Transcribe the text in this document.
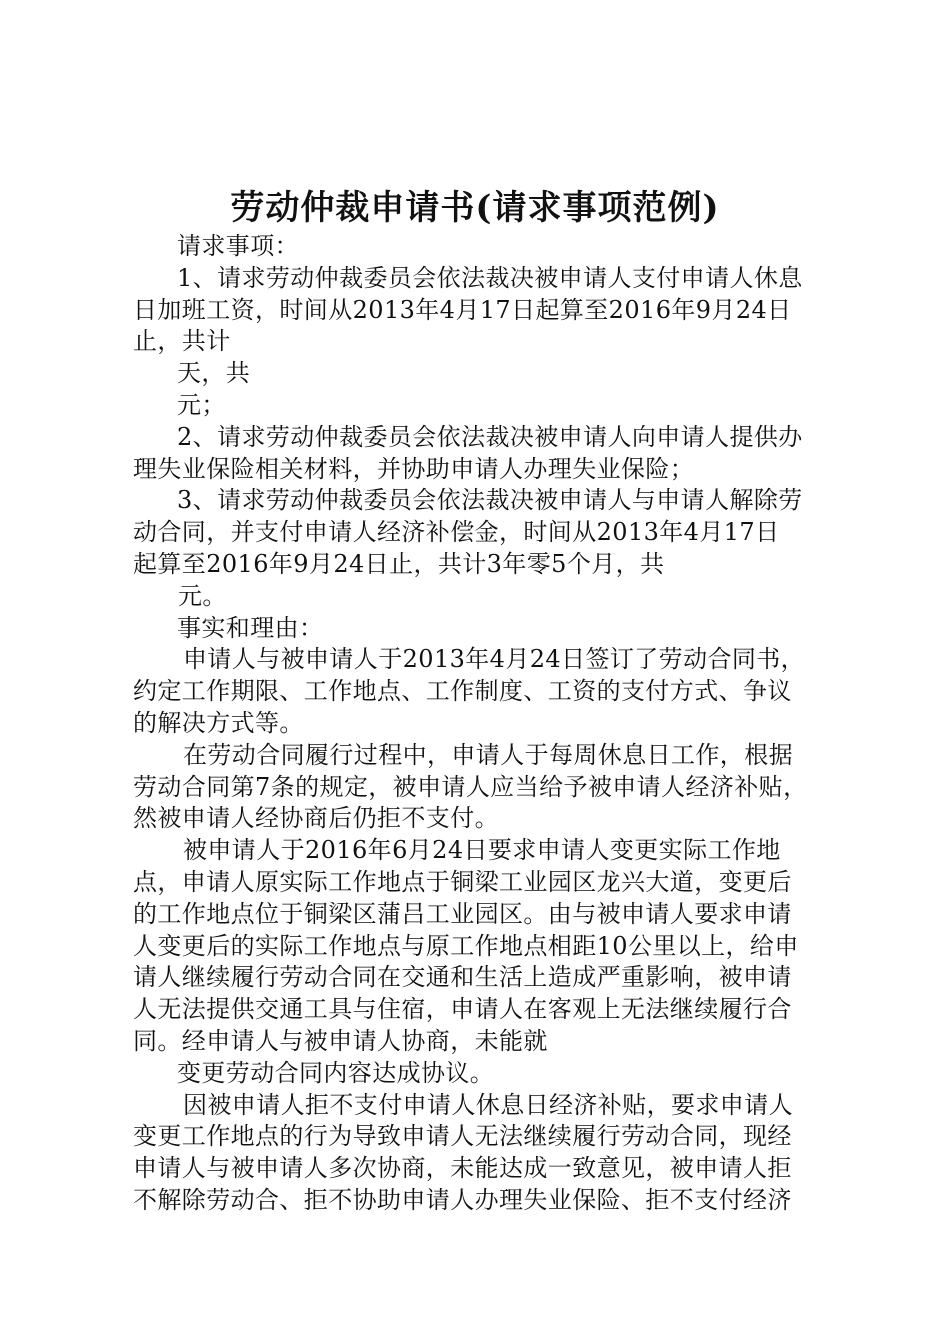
劳动仲裁申请书(请求事项范例)
请求事项：
1、请求劳动仲裁委员会依法裁决被申请人支付申请人休息
日加班工资，时间从2013年4月17日起算至2016年9月24日
止，共计
天，共
元；
2、请求劳动仲裁委员会依法裁决被申请人向申请人提供办
理失业保险相关材料，并协助申请人办理失业保险；
3、请求劳动仲裁委员会依法裁决被申请人与申请人解除劳
动合同，并支付申请人经济补偿金，时间从2013年4月17日
起算至2016年9月24日止，共计3年零5个月，共
元。
事实和理由：
申请人与被申请人于2013年4月24日签订了劳动合同书，
约定工作期限、工作地点、工作制度、工资的支付方式、争议
的解决方式等。
在劳动合同履行过程中，申请人于每周休息日工作，根据
劳动合同第7条的规定，被申请人应当给予被申请人经济补贴，
然被申请人经协商后仍拒不支付。
被申请人于2016年6月24日要求申请人变更实际工作地
点，申请人原实际工作地点于铜梁工业园区龙兴大道，变更后
的工作地点位于铜梁区蒲吕工业园区。由与被申请人要求申请
人变更后的实际工作地点与原工作地点相距10公里以上，给申
请人继续履行劳动合同在交通和生活上造成严重影响，被申请
人无法提供交通工具与住宿，申请人在客观上无法继续履行合
同。经申请人与被申请人协商，未能就
变更劳动合同内容达成协议。
因被申请人拒不支付申请人休息日经济补贴，要求申请人
变更工作地点的行为导致申请人无法继续履行劳动合同，现经
申请人与被申请人多次协商，未能达成一致意见，被申请人拒
不解除劳动合、拒不协助申请人办理失业保险、拒不支付经济
